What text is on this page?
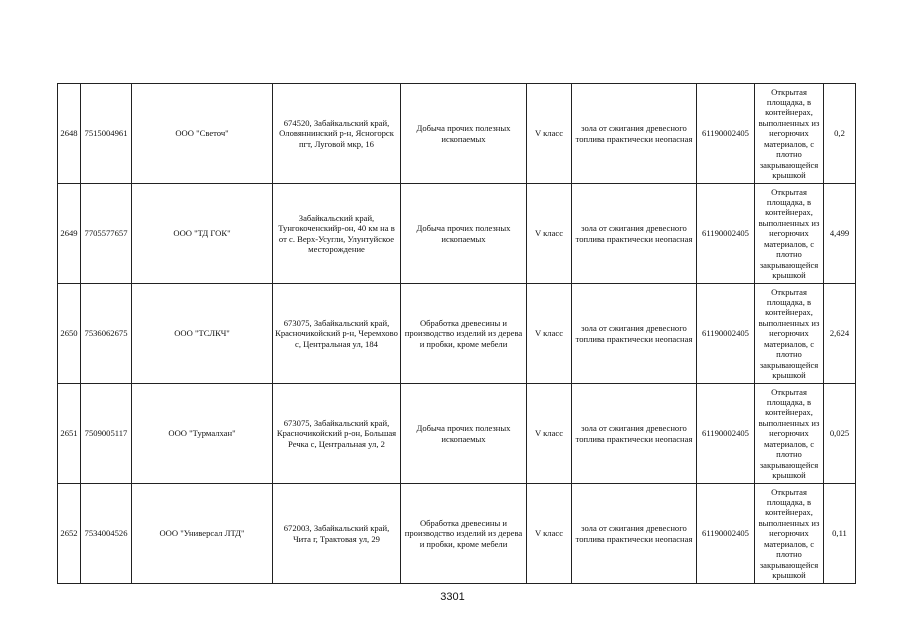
2648	7515004961	ООО "Светоч"	674520, Забайкальский край, Оловяннинский р-н, Ясногорск пгт, Луговой мкр, 16	Добыча прочих полезных ископаемых	V класс	зола от сжигания древесного топлива практически неопасная	61190002405	Открытая площадка, в контейнерах, выполненных из негорючих материалов, с плотно закрывающейся крышкой	0,2
2649	7705577657	ООО "ТД ГОК"	Забайкальский край, Тунгокоченскийр-он, 40 км на в от с. Верх-Усугли, Улунтуйское месторождение	Добыча прочих полезных ископаемых	V класс	зола от сжигания древесного топлива практически неопасная	61190002405	Открытая площадка, в контейнерах, выполненных из негорючих материалов, с плотно закрывающейся крышкой	4,499
2650	7536062675	ООО "ТСЛКЧ"	673075, Забайкальский край, Красночикойский р-н, Черемхово с, Центральная ул, 184	Обработка древесины и производство изделий из дерева и пробки, кроме мебели	V класс	зола от сжигания древесного топлива практически неопасная	61190002405	Открытая площадка, в контейнерах, выполненных из негорючих материалов, с плотно закрывающейся крышкой	2,624
2651	7509005117	ООО "Турмалхан"	673075, Забайкальский край, Красночикойский р-он, Большая Речка с, Центральная ул, 2	Добыча прочих полезных ископаемых	V класс	зола от сжигания древесного топлива практически неопасная	61190002405	Открытая площадка, в контейнерах, выполненных из негорючих материалов, с плотно закрывающейся крышкой	0,025
2652	7534004526	ООО "Универсал ЛТД"	672003, Забайкальский край, Чита г, Трактовая ул, 29	Обработка древесины и производство изделий из дерева и пробки, кроме мебели	V класс	зола от сжигания древесного топлива практически неопасная	61190002405	Открытая площадка, в контейнерах, выполненных из негорючих материалов, с плотно закрывающейся крышкой	0,11
3301
